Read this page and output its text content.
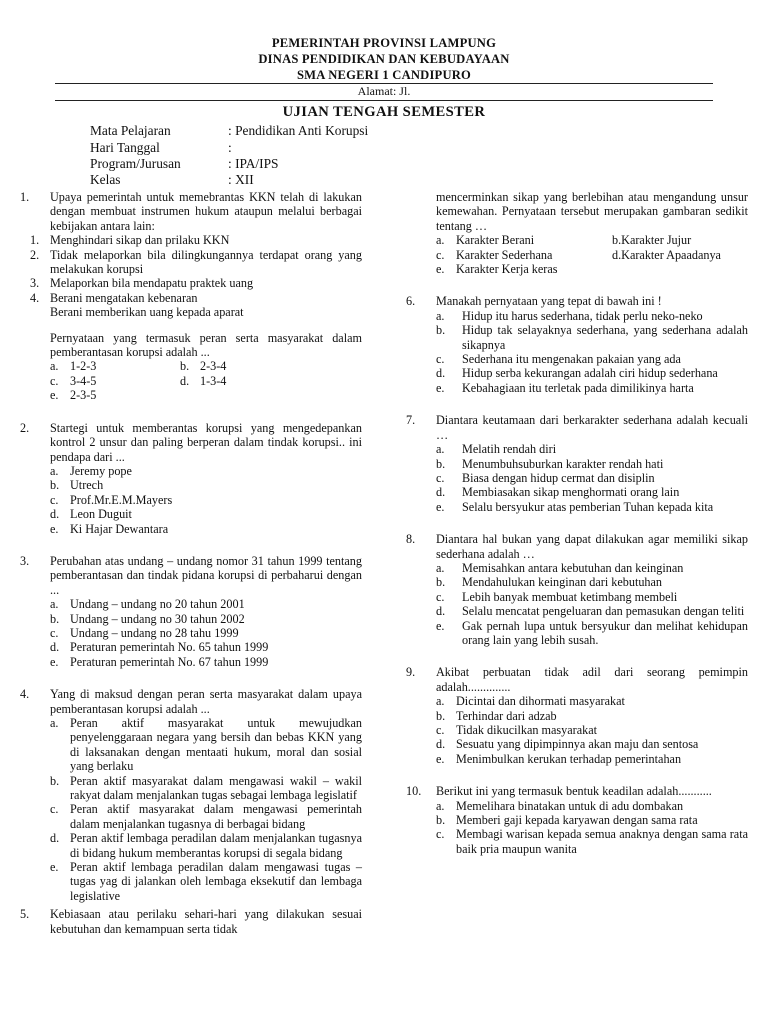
PEMERINTAH PROVINSI LAMPUNG
DINAS PENDIDIKAN DAN KEBUDAYAAN
SMA NEGERI 1 CANDIPURO
Alamat: Jl.
UJIAN TENGAH SEMESTER
Mata Pelajaran	: Pendidikan Anti Korupsi
Hari Tanggal	:
Program/Jurusan	: IPA/IPS
Kelas	: XII
1. Upaya pemerintah untuk memebrantas KKN telah di lakukan dengan membuat instrumen hukum ataupun melalui berbagai kebijakan antara lain:
1. Menghindari sikap dan prilaku KKN
2. Tidak melaporkan bila dilingkungannya terdapat orang yang melakukan korupsi
3. Melaporkan bila mendapatu praktek uang
4. Berani mengatakan kebenaran
Berani memberikan uang kepada aparat
Pernyataan yang termasuk peran serta masyarakat dalam pemberantasan korupsi adalah ...
a. 1-2-3	b. 2-3-4
c. 3-4-5	d. 1-3-4
e. 2-3-5
2. Startegi untuk memberantas korupsi yang mengedepankan kontrol 2 unsur dan paling berperan dalam tindak korupsi.. ini pendapa dari ...
a. Jeremy pope
b. Utrech
c. Prof.Mr.E.M.Mayers
d. Leon Duguit
e. Ki Hajar Dewantara
3. Perubahan atas undang – undang nomor 31 tahun 1999 tentang pemberantasan dan tindak pidana korupsi di perbaharui dengan ...
a. Undang – undang no 20 tahun 2001
b. Undang – undang no 30 tahun 2002
c. Undang – undang no 28 tahu 1999
d. Peraturan pemerintah No. 65 tahun 1999
e. Peraturan pemerintah No. 67 tahun 1999
4. Yang di maksud dengan peran serta masyarakat dalam upaya pemberantasan korupsi adalah ...
a. Peran aktif masyarakat untuk mewujudkan penyelenggaraan negara yang bersih dan bebas KKN yang di laksanakan dengan mentaati hukum, moral dan sosial yang berlaku
b. Peran aktif masyarakat dalam mengawasi wakil – wakil rakyat dalam menjalankan tugas sebagai lembaga legislatif
c. Peran aktif masyarakat dalam mengawasi pemerintah dalam menjalankan tugasnya di berbagai bidang
d. Peran aktif lembaga peradilan dalam menjalankan tugasnya di bidang hukum memberantas korupsi di segala bidang
e. Peran aktif lembaga peradilan dalam mengawasi tugas – tugas yag di jalankan oleh lembaga eksekutif dan lembaga legislative
5. Kebiasaan atau perilaku sehari-hari yang dilakukan sesuai kebutuhan dan kemampuan serta tidak
mencerminkan sikap yang berlebihan atau mengandung unsur kemewahan. Pernyataan tersebut merupakan gambaran sedikit tentang …
a. Karakter Berani	b.Karakter Jujur
c. Karakter Sederhana	d.Karakter Apaadanya
e. Karakter Kerja keras
6. Manakah pernyataan yang tepat di bawah ini !
a. Hidup itu harus sederhana, tidak perlu neko-neko
b. Hidup tak selayaknya sederhana, yang sederhana adalah sikapnya
c. Sederhana itu mengenakan pakaian yang ada
d. Hidup serba kekurangan adalah ciri hidup sederhana
e. Kebahagiaan itu terletak pada dimilikinya harta
7. Diantara keutamaan dari berkarakter sederhana adalah kecuali …
a. Melatih rendah diri
b. Menumbuhsuburkan karakter rendah hati
c. Biasa dengan hidup cermat dan disiplin
d. Membiasakan sikap menghormati orang lain
e. Selalu bersyukur atas pemberian Tuhan kepada kita
8. Diantara hal bukan yang dapat dilakukan agar memiliki sikap sederhana adalah …
a. Memisahkan antara kebutuhan dan keinginan
b. Mendahulukan keinginan dari kebutuhan
c. Lebih banyak membuat ketimbang membeli
d. Selalu mencatat pengeluaran dan pemasukan dengan teliti
e. Gak pernah lupa untuk bersyukur dan melihat kehidupan orang lain yang lebih susah.
9. Akibat perbuatan tidak adil dari seorang pemimpin adalah..............
a. Dicintai dan dihormati masyarakat
b. Terhindar dari adzab
c. Tidak dikucilkan masyarakat
d. Sesuatu yang dipimpinnya akan maju dan sentosa
e. Menimbulkan kerukan terhadap pemerintahan
10. Berikut ini yang termasuk bentuk keadilan adalah...........
a. Memelihara binatakan untuk di adu dombakan
b. Memberi gaji kepada karyawan dengan sama rata
c. Membagi warisan kepada semua anaknya dengan sama rata baik pria maupun wanita
